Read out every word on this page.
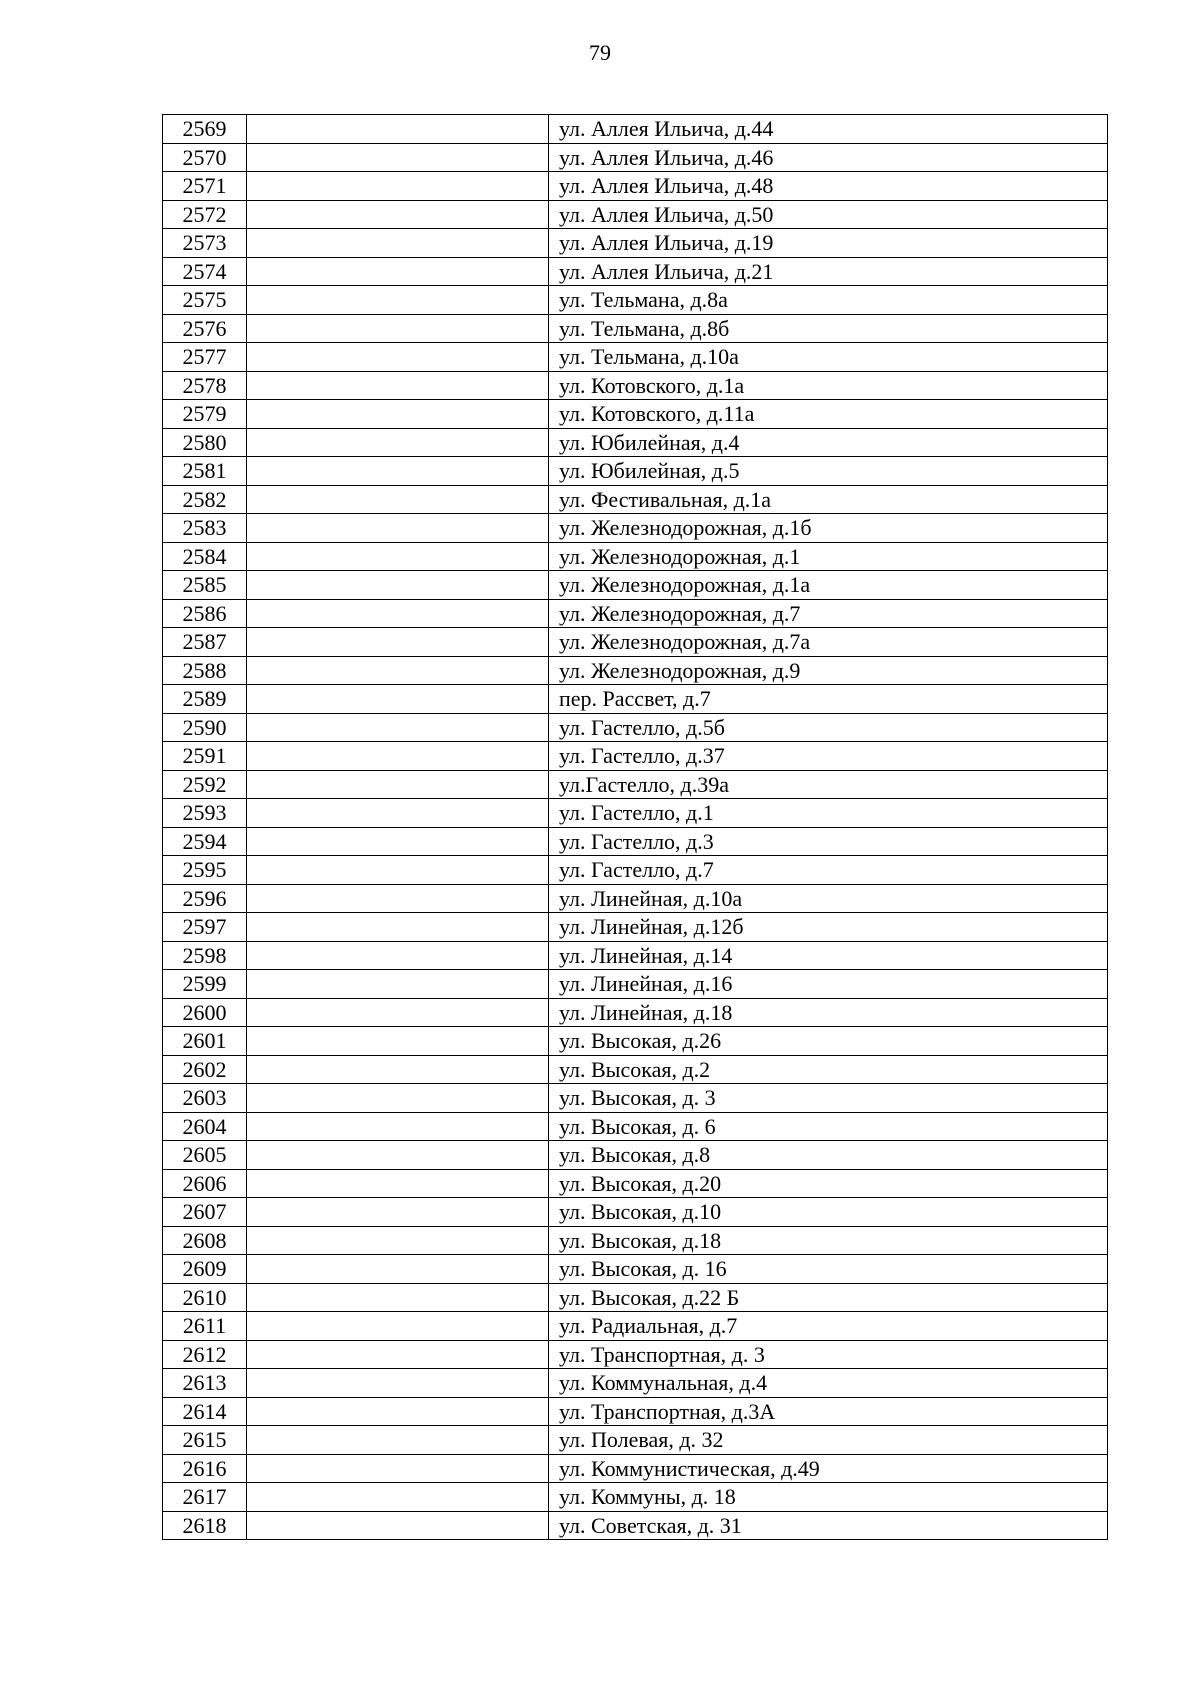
79
2569		ул. Аллея Ильича, д.44
2570		ул. Аллея Ильича, д.46
2571		ул. Аллея Ильича, д.48
2572		ул. Аллея Ильича, д.50
2573		ул. Аллея Ильича, д.19
2574		ул. Аллея Ильича, д.21
2575		ул. Тельмана, д.8а
2576		ул. Тельмана, д.8б
2577		ул. Тельмана, д.10а
2578		ул. Котовского, д.1а
2579		ул. Котовского, д.11а
2580		ул. Юбилейная, д.4
2581		ул. Юбилейная, д.5
2582		ул. Фестивальная, д.1а
2583		ул. Железнодорожная, д.1б
2584		ул. Железнодорожная, д.1
2585		ул. Железнодорожная, д.1а
2586		ул. Железнодорожная, д.7
2587		ул. Железнодорожная, д.7а
2588		ул. Железнодорожная, д.9
2589		пер. Рассвет, д.7
2590		ул. Гастелло, д.5б
2591		ул. Гастелло, д.37
2592		ул.Гастелло, д.39а
2593		ул. Гастелло, д.1
2594		ул. Гастелло, д.3
2595		ул. Гастелло, д.7
2596		ул. Линейная, д.10а
2597		ул. Линейная, д.12б
2598		ул. Линейная, д.14
2599		ул. Линейная, д.16
2600		ул. Линейная, д.18
2601		ул. Высокая, д.26
2602		ул. Высокая, д.2
2603		ул. Высокая, д. 3
2604		ул. Высокая, д. 6
2605		ул. Высокая, д.8
2606		ул. Высокая, д.20
2607		ул. Высокая, д.10
2608		ул. Высокая, д.18
2609		ул. Высокая, д. 16
2610		ул. Высокая, д.22 Б
2611		ул. Радиальная, д.7
2612		ул. Транспортная, д. 3
2613		ул. Коммунальная, д.4
2614		ул. Транспортная, д.3А
2615		ул. Полевая, д. 32
2616		ул. Коммунистическая, д.49
2617		ул. Коммуны, д. 18
2618		ул. Советская, д. 31
